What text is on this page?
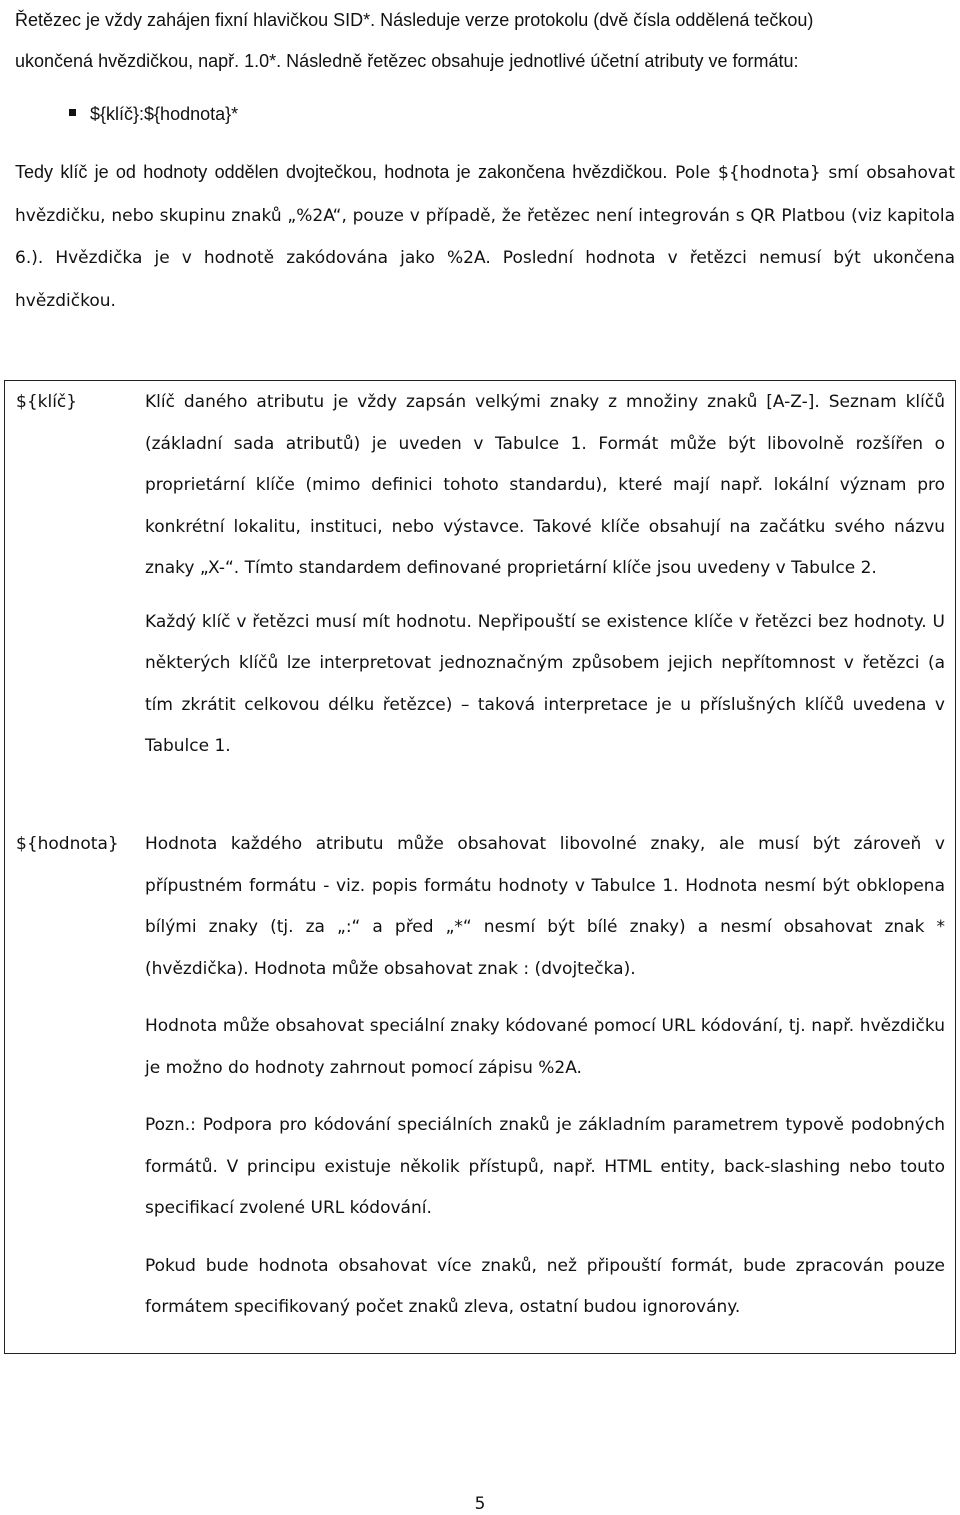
Řetězec je vždy zahájen fixní hlavičkou SID*. Následuje verze protokolu (dvě čísla oddělená tečkou)
ukončená hvězdičkou, např. 1.0*. Následně řetězec obsahuje jednotlivé účetní atributy ve formátu:
${klíč}:${hodnota}*
Tedy klíč je od hodnoty oddělen dvojtečkou, hodnota je zakončena hvězdičkou. Pole ${hodnota} smí obsahovat hvězdičku, nebo skupinu znaků „%2A“, pouze v případě, že řetězec není integrován s QR Platbou (viz kapitola 6.). Hvězdička je v hodnotě zakódována jako %2A. Poslední hodnota v řetězci nemusí být ukončena hvězdičkou.
${klíč}	Klíč daného atributu je vždy zapsán velkými znaky z množiny znaků [A-Z-]. Seznam klíčů (základní sada atributů) je uveden v Tabulce 1. Formát může být libovolně rozšířen o proprietární klíče (mimo definici tohoto standardu), které mají např. lokální význam pro konkrétní lokalitu, instituci, nebo výstavce. Takové klíče obsahují na začátku svého názvu znaky „X-“. Tímto standardem definované proprietární klíče jsou uvedeny v Tabulce 2.

Každý klíč v řetězci musí mít hodnotu. Nepřipouští se existence klíče v řetězci bez hodnoty. U některých klíčů lze interpretovat jednoznačným způsobem jejich nepřítomnost v řetězci (a tím zkrátit celkovou délku řetězce) – taková interpretace je u příslušných klíčů uvedena v Tabulce 1.

${hodnota} Hodnota každého atributu může obsahovat libovolné znaky, ale musí být zároveň v přípustném formátu - viz. popis formátu hodnoty v Tabulce 1. Hodnota nesmí být obklopena bílými znaky (tj. za „:“ a před „*“ nesmí být bílé znaky) a nesmí obsahovat znak * (hvězdička). Hodnota může obsahovat znak : (dvojtečka).

Hodnota může obsahovat speciální znaky kódované pomocí URL kódování, tj. např. hvězdičku je možno do hodnoty zahrnout pomocí zápisu %2A.

Pozn.: Podpora pro kódování speciálních znaků je základním parametrem typově podobných formátů. V principu existuje několik přístupů, např. HTML entity, back-slashing nebo touto specifikací zvolené URL kódování.

Pokud bude hodnota obsahovat více znaků, než připouští formát, bude zpracován pouze formátem specifikovaný počet znaků zleva, ostatní budou ignorovány.

5
